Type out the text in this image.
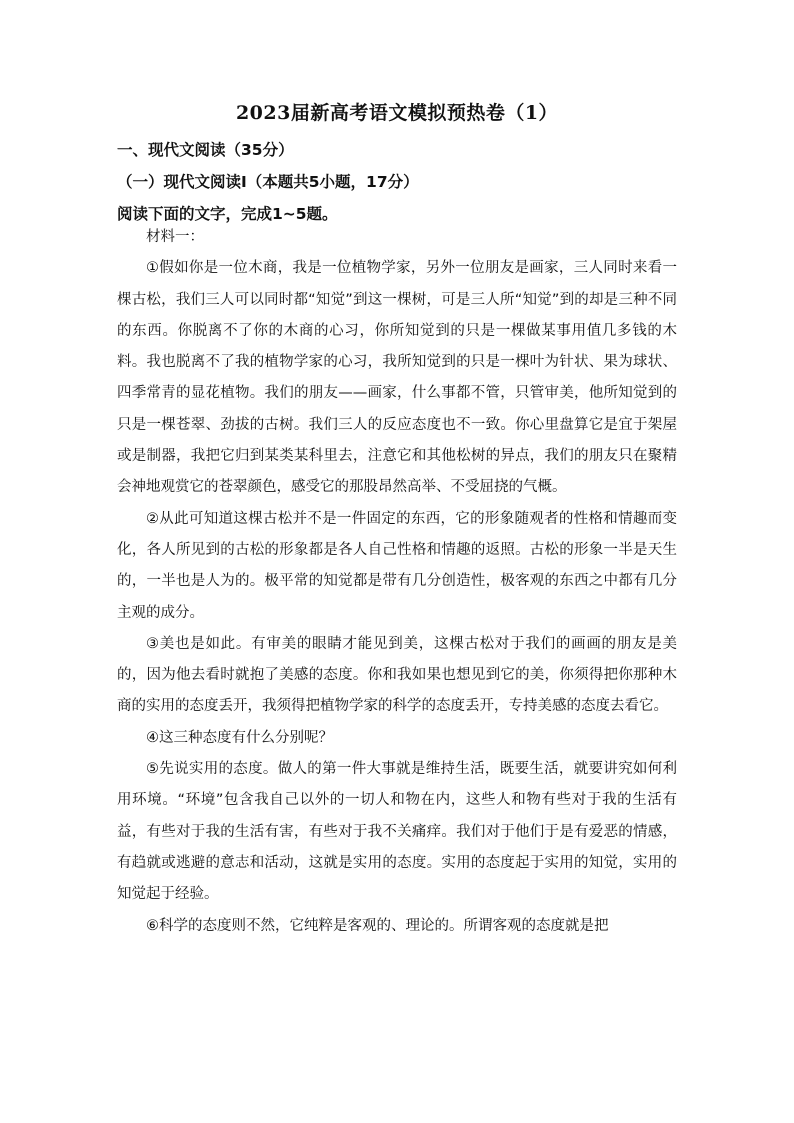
2023届新高考语文模拟预热卷（1）
一、现代文阅读（35分）
（一）现代文阅读Ⅰ（本题共5小题，17分）
阅读下面的文字，完成1~5题。

材料一：

①假如你是一位木商，我是一位植物学家，另外一位朋友是画家，三人同时来看一棵古松，我们三人可以同时都“知觉”到这一棵树，可是三人所“知觉”到的却是三种不同的东西。你脱离不了你的木商的心习，你所知觉到的只是一棵做某事用值几多钱的木料。我也脱离不了我的植物学家的心习，我所知觉到的只是一棵叶为针状、果为球状、四季常青的显花植物。我们的朋友——画家，什么事都不管，只管审美，他所知觉到的只是一棵苍翠、劲拔的古树。我们三人的反应态度也不一致。你心里盘算它是宜于架屋或是制器，我把它归到某类某科里去，注意它和其他松树的异点，我们的朋友只在聚精会神地观赏它的苍翠颜色，感受它的那股昂然高举、不受屈挠的气概。

②从此可知道这棵古松并不是一件固定的东西，它的形象随观者的性格和情趣而变化，各人所见到的古松的形象都是各人自己性格和情趣的返照。古松的形象一半是天生的，一半也是人为的。极平常的知觉都是带有几分创造性，极客观的东西之中都有几分主观的成分。

③美也是如此。有审美的眼睛才能见到美，这棵古松对于我们的画画的朋友是美的，因为他去看时就抱了美感的态度。你和我如果也想见到它的美，你须得把你那种木商的实用的态度丢开，我须得把植物学家的科学的态度丢开，专持美感的态度去看它。

④这三种态度有什么分别呢？

⑤先说实用的态度。做人的第一件大事就是维持生活，既要生活，就要讲究如何利用环境。“环境”包含我自己以外的一切人和物在内，这些人和物有些对于我的生活有益，有些对于我的生活有害，有些对于我不关痛痒。我们对于他们于是有爱恶的情感，有趋就或逃避的意志和活动，这就是实用的态度。实用的态度起于实用的知觉，实用的知觉起于经验。

⑥科学的态度则不然，它纯粹是客观的、理论的。所谓客观的态度就是把
